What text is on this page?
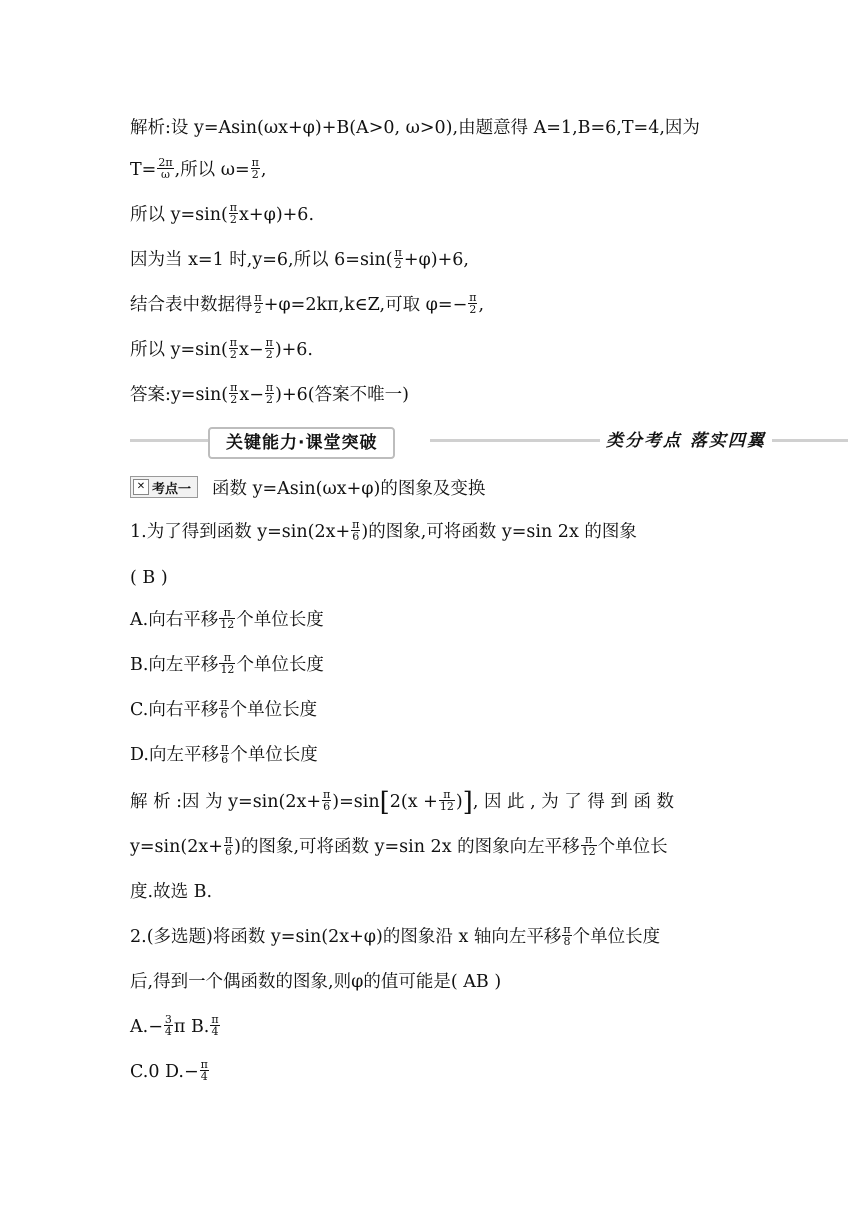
解析:设 y=Asin(ωx+φ)+B(A>0, ω>0),由题意得 A=1,B=6,T=4,因为
$T= \frac{2\pi}{\omega}$ ,所以 $\omega= \frac{\pi}{2}$ ,
所以 $y=\sin( \frac{\pi}{2} x+\varphi)+6$.
因为当 x=1 时,y=6,所以 $6=\sin( \frac{\pi}{2} +\varphi)+6$,
结合表中数据得 $\frac{\pi}{2}$ +φ=2kπ,k∈Z,可取 $\varphi=- \frac{\pi}{2}$ ,
所以 $y=\sin( \frac{\pi}{2} x- \frac{\pi}{2} )+6$.
答案:y=sin( $\frac{\pi}{2} x- \frac{\pi}{2} )+6$(答案不唯一)
关键能力·课堂突破	类分考点 落实四翼
✕ 考点一 函数 y=Asin(ωx+φ)的图象及变换
1.为了得到函数 $y=\sin(2x+ \frac{\pi}{6}$ )的图象,可将函数 y=sin 2x 的图象
( B )
A.向右平移 $\frac{\pi}{12}$ 个单位长度
B.向左平移 $\frac{\pi}{12}$ 个单位长度
C.向右平移 $\frac{\pi}{6}$ 个单位长度
D.向左平移 $\frac{\pi}{6}$ 个单位长度
解 析 :因 为 $y=\sin(2x+ \frac{\pi}{6} )=\sin[2(x + \frac{\pi}{12}$ )], 因 此 , 为 了 得 到 函 数
$y=\sin(2x+ \frac{\pi}{6}$ )的图象,可将函数 y=sin 2x 的图象向左平移 $\frac{\pi}{12}$ 个单位长
度.故选 B.
2.(多选题)将函数 y=sin(2x+φ)的图象沿 x 轴向左平移 $\frac{\pi}{8}$ 个单位长度
后,得到一个偶函数的图象,则φ的值可能是( AB )
$A.- \frac{3}{4}$ π B. $\frac{\pi}{4}$
C.0 $D.- \frac{\pi}{4}$
